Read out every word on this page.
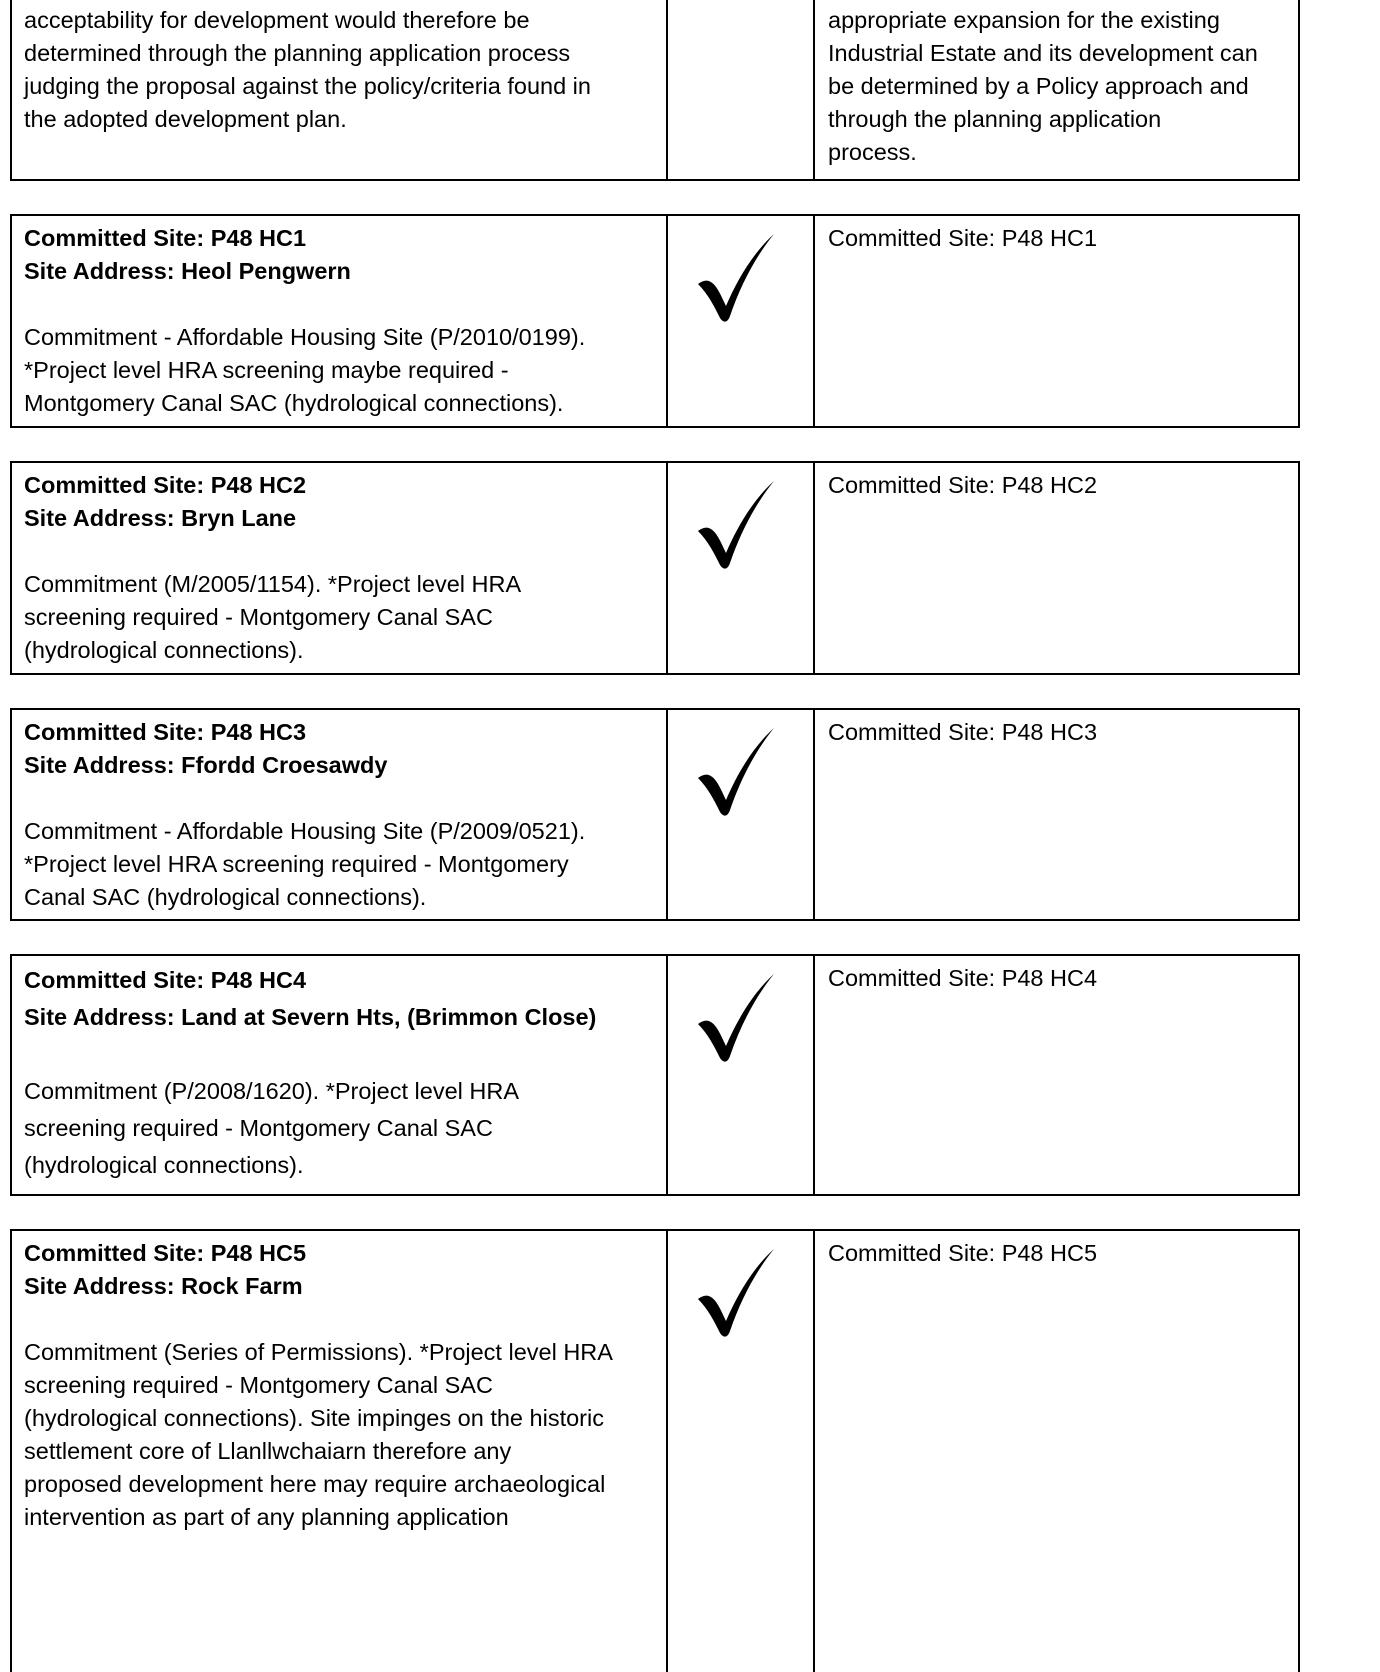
acceptability for development would therefore be
determined through the planning application process
judging the proposal against the policy/criteria found in
the adopted development plan.
appropriate expansion for the existing
Industrial Estate and its development can
be determined by a Policy approach and
through the planning application
process.
Committed Site: P48 HC1
Site Address: Heol Pengwern
Commitment - Affordable Housing Site (P/2010/0199).
*Project level HRA screening maybe required -
Montgomery Canal SAC (hydrological connections).
Committed Site: P48 HC1
Committed Site: P48 HC2
Site Address: Bryn Lane
Commitment (M/2005/1154). *Project level HRA
screening required - Montgomery Canal SAC
(hydrological connections).
Committed Site: P48 HC2
Committed Site: P48 HC3
Site Address: Ffordd Croesawdy
Commitment - Affordable Housing Site (P/2009/0521).
*Project level HRA screening required - Montgomery
Canal SAC (hydrological connections).
Committed Site: P48 HC3
Committed Site: P48 HC4
Site Address: Land at Severn Hts, (Brimmon Close)
Commitment (P/2008/1620). *Project level HRA
screening required - Montgomery Canal SAC
(hydrological connections).
Committed Site: P48 HC4
Committed Site: P48 HC5
Site Address: Rock Farm
Commitment (Series of Permissions). *Project level HRA
screening required - Montgomery Canal SAC
(hydrological connections). Site impinges on the historic
settlement core of Llanllwchaiarn therefore any
proposed development here may require archaeological
intervention as part of any planning application
Committed Site: P48 HC5
